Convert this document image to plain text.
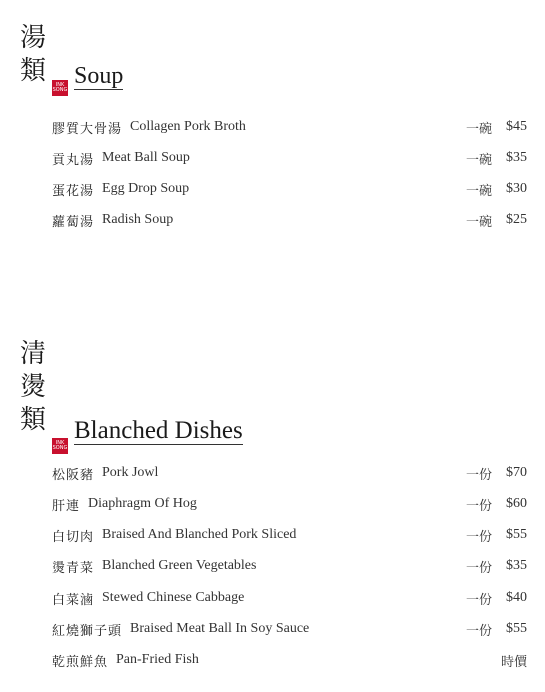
湯
類	INK
SONG
Soup
膠質大骨湯 Collagen Pork Broth	一碗	$45
貢丸湯 Meat Ball Soup	一碗	$35
蛋花湯 Egg Drop Soup	一碗	$30
蘿蔔湯 Radish Soup	一碗	$25
清
燙
類
INK
SONG
Blanched Dishes
松阪豬 Pork Jowl	一份	$70
肝連 Diaphragm Of Hog	一份	$60
白切肉 Braised And Blanched Pork Sliced	一份	$55
燙青菜 Blanched Green Vegetables	一份	$35
白菜滷 Stewed Chinese Cabbage	一份	$40
紅燒獅子頭 Braised Meat Ball In Soy Sauce	一份	$55
乾煎鮮魚 Pan-Fried Fish	時價
